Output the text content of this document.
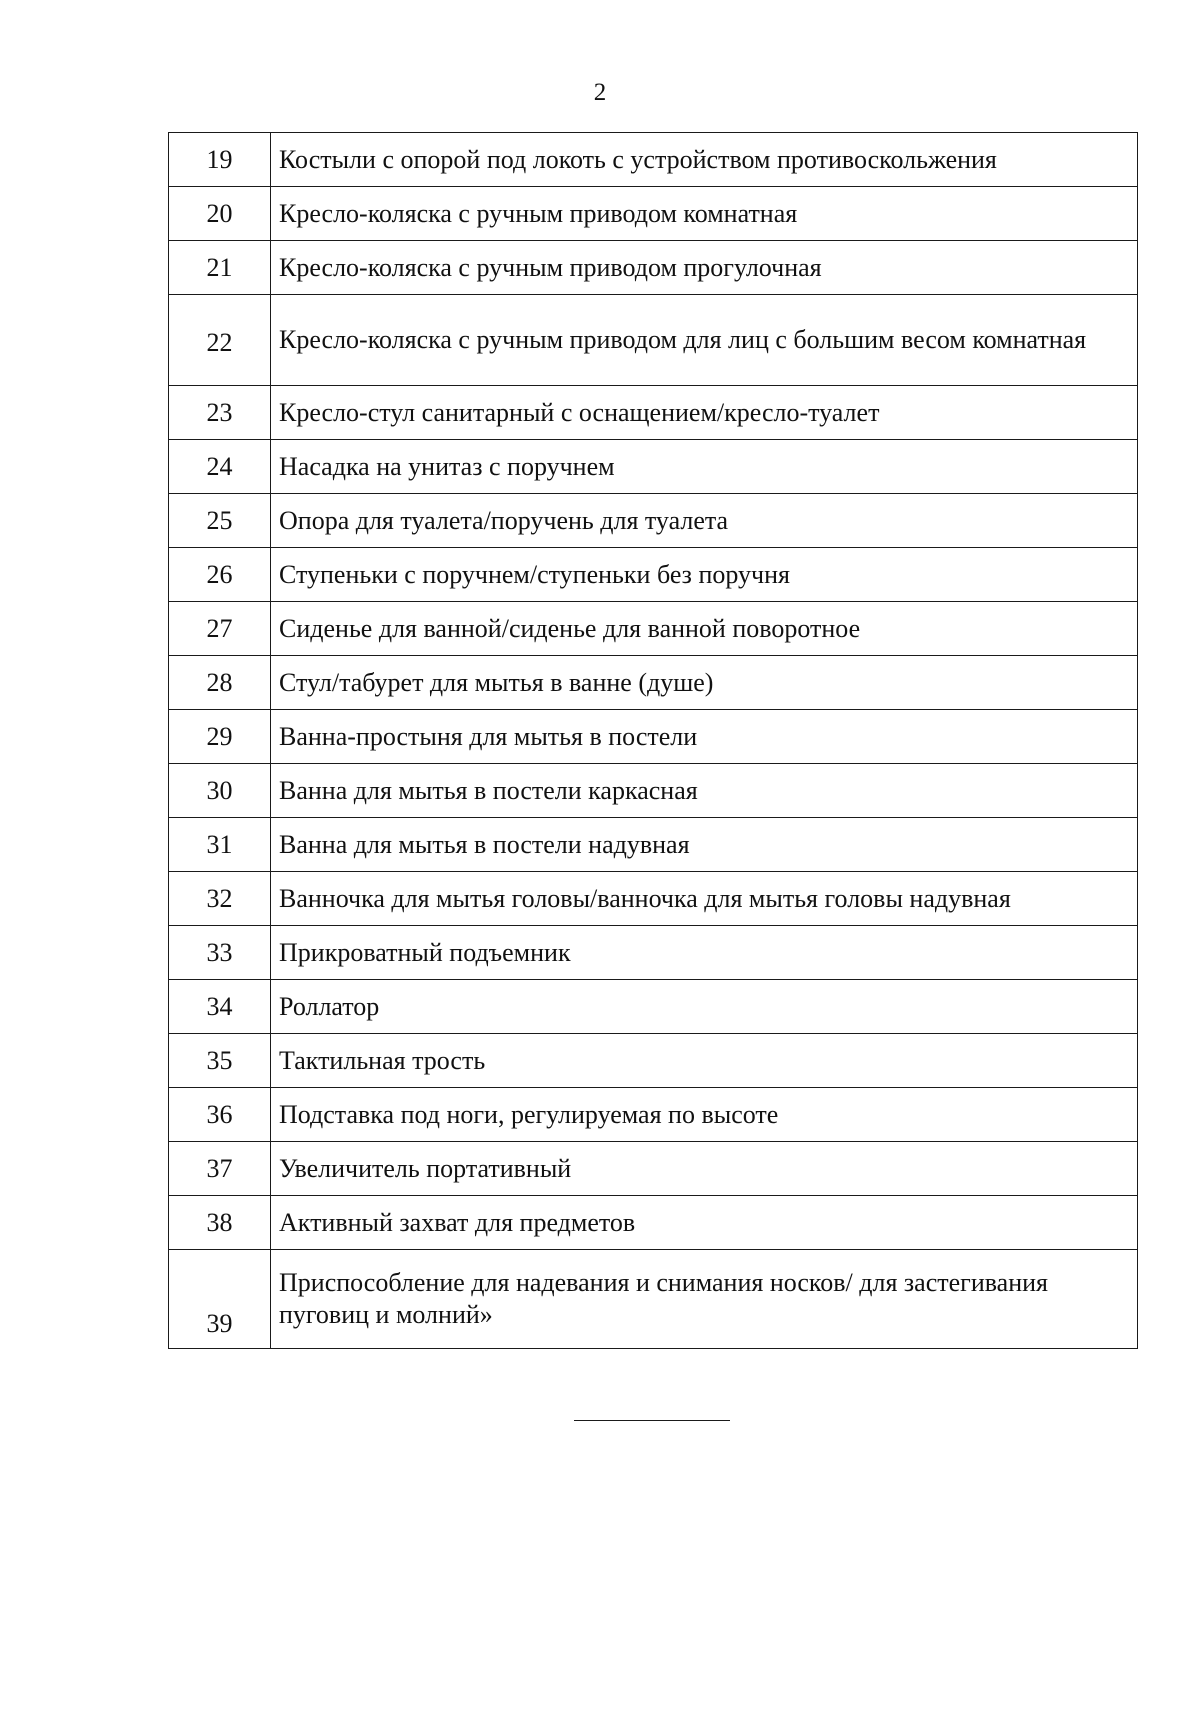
2
19	Костыли с опорой под локоть с устройством противоскольжения
20	Кресло-коляска с ручным приводом комнатная
21	Кресло-коляска с ручным приводом прогулочная
22	Кресло-коляска с ручным приводом для лиц с большим весом комнатная
23	Кресло-стул санитарный с оснащением/кресло-туалет
24	Насадка на унитаз с поручнем
25	Опора для туалета/поручень для туалета
26	Ступеньки с поручнем/ступеньки без поручня
27	Сиденье для ванной/сиденье для ванной поворотное
28	Стул/табурет для мытья в ванне (душе)
29	Ванна-простыня для мытья в постели
30	Ванна для мытья в постели каркасная
31	Ванна для мытья в постели надувная
32	Ванночка для мытья головы/ванночка для мытья головы надувная
33	Прикроватный подъемник
34	Роллатор
35	Тактильная трость
36	Подставка под ноги, регулируемая по высоте
37	Увеличитель портативный
38	Активный захват для предметов
39	Приспособление для надевания и снимания носков/ для застегивания пуговиц и молний»
